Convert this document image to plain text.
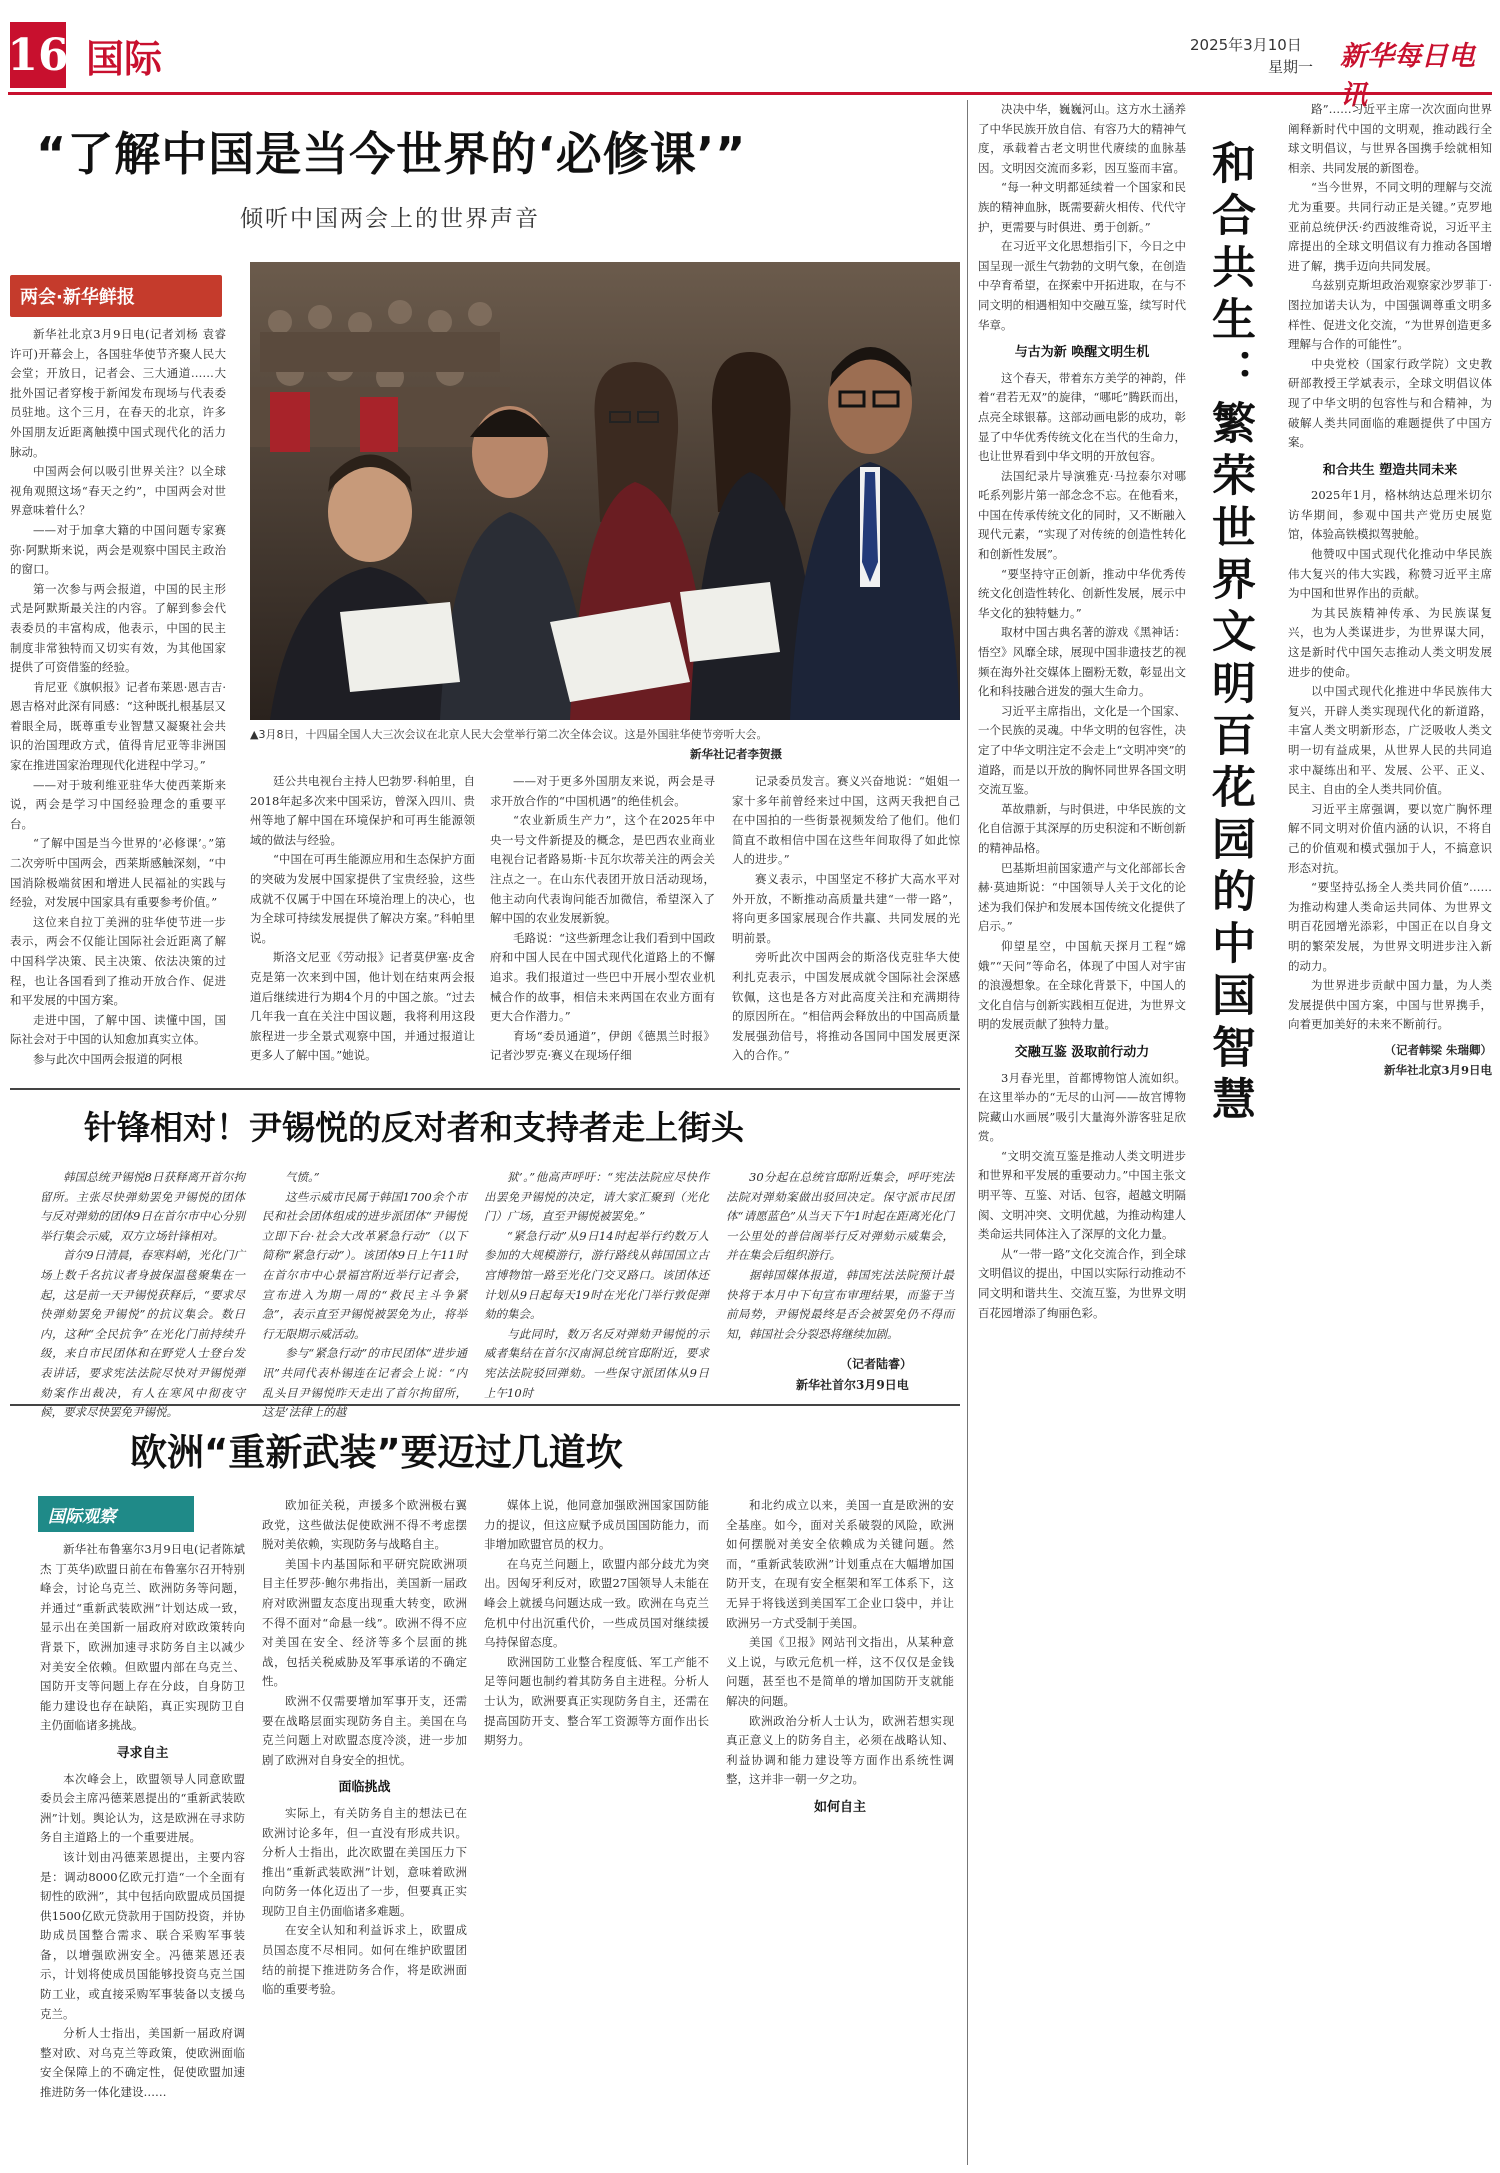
16 国际	2025年3月10日
星期一 新华每日电讯
“了解中国是当今世界的‘必修课’”
倾听中国两会上的世界声音
两会·新华鲜报

新华社北京3月9日电(记者刘杨 袁睿 许可)开幕会上，各国驻华使节齐聚人民大会堂；开放日，记者会、三大通道……大批外国记者穿梭于新闻发布现场与代表委员驻地。这个三月，在春天的北京，许多外国朋友近距离触摸中国式现代化的活力脉动。

中国两会何以吸引世界关注？以全球视角观照这场“春天之约”，中国两会对世界意味着什么？

——对于加拿大籍的中国问题专家赛弥·阿默斯来说，两会是观察中国民主政治的窗口。

第一次参与两会报道，中国的民主形式是阿默斯最关注的内容。了解到参会代表委员的丰富构成，他表示，中国的民主制度非常独特而又切实有效，为其他国家提供了可资借鉴的经验。

肯尼亚《旗帜报》记者布莱恩·恩吉吉·恩吉格对此深有同感：“这种既扎根基层又着眼全局，既尊重专业智慧又凝聚社会共识的治国理政方式，值得肯尼亚等非洲国家在推进国家治理现代化进程中学习。”

——对于玻利维亚驻华大使西莱斯来说，两会是学习中国经验理念的重要平台。

“了解中国是当今世界的‘必修课’。”第二次旁听中国两会，西莱斯感触深刻，“中国消除极端贫困和增进人民福祉的实践与经验，对发展中国家具有重要参考价值。”

这位来自拉丁美洲的驻华使节进一步表示，两会不仅能让国际社会近距离了解中国科学决策、民主决策、依法决策的过程，也让各国看到了推动开放合作、促进和平发展的中国方案。

走进中国，了解中国、读懂中国，国际社会对于中国的认知愈加真实立体。

参与此次中国两会报道的阿根

▲3月8日，十四届全国人大三次会议在北京人民大会堂举行第二次全体会议。这是外国驻华使节旁听大会。
新华社记者李贺摄

廷公共电视台主持人巴勃罗·科帕里，自2018年起多次来中国采访，曾深入四川、贵州等地了解中国在环境保护和可再生能源领域的做法与经验。

“中国在可再生能源应用和生态保护方面的突破为发展中国家提供了宝贵经验，这些成就不仅属于中国在环境治理上的决心，也为全球可持续发展提供了解决方案。”科帕里说。

斯洛文尼亚《劳动报》记者莫伊塞·皮舍克是第一次来到中国，他计划在结束两会报道后继续进行为期4个月的中国之旅。“过去几年我一直在关注中国议题，我将利用这段旅程进一步全景式观察中国，并通过报道让更多人了解中国。”她说。

——对于更多外国朋友来说，两会是寻求开放合作的“中国机遇”的绝佳机会。

“农业新质生产力”，这个在2025年中央一号文件新提及的概念，是巴西农业商业电视台记者路易斯·卡瓦尔坎蒂关注的两会关注点之一。在山东代表团开放日活动现场，他主动向代表询问能否加微信，希望深入了解中国的农业发展新貌。

毛路说：“这些新理念让我们看到中国政府和中国人民在中国式现代化道路上的不懈追求。我们报道过一些巴中开展小型农业机械合作的故事，相信未来两国在农业方面有更大合作潜力。”

育场“委员通道”，伊朗《德黑兰时报》记者沙罗克·赛义在现场仔细

记录委员发言。赛义兴奋地说：“姐姐一家十多年前曾经来过中国，这两天我把自己在中国拍的一些街景视频发给了他们。他们简直不敢相信中国在这些年间取得了如此惊人的进步。”

赛义表示，中国坚定不移扩大高水平对外开放，不断推动高质量共建“一带一路”，将向更多国家展现合作共赢、共同发展的光明前景。

旁听此次中国两会的斯洛伐克驻华大使利扎克表示，中国发展成就令国际社会深感钦佩，这也是各方对此高度关注和充满期待的原因所在。“相信两会释放出的中国高质量发展强劲信号，将推动各国同中国发展更深入的合作。”

针锋相对！尹锡悦的反对者和支持者走上街头

韩国总统尹锡悦8日获释离开首尔拘留所。主张尽快弹劾罢免尹锡悦的团体与反对弹劾的团体9日在首尔市中心分别举行集会示威，双方立场针锋相对。

首尔9日清晨，春寒料峭，光化门广场上数千名抗议者身披保温毯聚集在一起，这是前一天尹锡悦获释后，“要求尽快弹劾罢免尹锡悦”的抗议集会。数日内，这种“全民抗争”在光化门前持续升级，来自市民团体和在野党人士登台发表讲话，要求宪法法院尽快对尹锡悦弹劾案作出裁决，有人在寒风中彻夜守候，要求尽快罢免尹锡悦。

气愤。”

这些示威市民属于韩国1700余个市民和社会团体组成的进步派团体“尹锡悦立即下台·社会大改革紧急行动”（以下简称“紧急行动”）。该团体9日上午11时在首尔市中心景福宫附近举行记者会，宣布进入为期一周的“救民主斗争紧急”，表示直至尹锡悦被罢免为止，将举行无限期示威活动。

参与“紧急行动”的市民团体“进步通讯”共同代表朴锡连在记者会上说：“内乱头目尹锡悦昨天走出了首尔拘留所，这是‘法律上的越

狱’。”他高声呼吁：“宪法法院应尽快作出罢免尹锡悦的决定，请大家汇聚到（光化门）广场，直至尹锡悦被罢免。”

“紧急行动”从9日14时起举行约数万人参加的大规模游行，游行路线从韩国国立古宫博物馆一路至光化门交叉路口。该团体还计划从9日起每天19时在光化门举行敦促弹劾的集会。

与此同时，数万名反对弹劾尹锡悦的示威者集结在首尔汉南洞总统官邸附近，要求宪法法院驳回弹劾。一些保守派团体从9日上午10时

30分起在总统官邸附近集会，呼吁宪法法院对弹劾案做出驳回决定。保守派市民团体“请愿蓝色”从当天下午1时起在距离光化门一公里处的普信阁举行反对弹劾示威集会，并在集会后组织游行。

据韩国媒体报道，韩国宪法法院预计最快将于本月中下旬宣布审理结果，而鉴于当前局势，尹锡悦最终是否会被罢免仍不得而知，韩国社会分裂恐将继续加剧。

（记者陆睿）
新华社首尔3月9日电
欧洲“重新武装”要迈过几道坎
国际观察

新华社布鲁塞尔3月9日电(记者陈斌杰 丁英华)欧盟日前在布鲁塞尔召开特别峰会，讨论乌克兰、欧洲防务等问题，并通过“重新武装欧洲”计划达成一致，显示出在美国新一届政府对欧政策转向背景下，欧洲加速寻求防务自主以减少对美安全依赖。但欧盟内部在乌克兰、国防开支等问题上存在分歧，自身防卫能力建设也存在缺陷，真正实现防卫自主仍面临诸多挑战。

寻求自主

本次峰会上，欧盟领导人同意欧盟委员会主席冯德莱恩提出的“重新武装欧洲”计划。舆论认为，这是欧洲在寻求防务自主道路上的一个重要进展。

该计划由冯德莱恩提出，主要内容是：调动8000亿欧元打造“一个全面有韧性的欧洲”，其中包括向欧盟成员国提供1500亿欧元贷款用于国防投资，并协助成员国整合需求、联合采购军事装备，以增强欧洲安全。冯德莱恩还表示，计划将使成员国能够投资乌克兰国防工业，或直接采购军事装备以支援乌克兰。

分析人士指出，美国新一届政府调整对欧、对乌克兰等政策，使欧洲面临安全保障上的不确定性，促使欧盟加速推进防务一体化建设……

欧加征关税，声援多个欧洲极右翼政党，这些做法促使欧洲不得不考虑摆脱对美依赖，实现防务与战略自主。

美国卡内基国际和平研究院欧洲项目主任罗莎·鲍尔弗指出，美国新一届政府对欧洲盟友态度出现重大转变，欧洲不得不面对“命悬一线”。欧洲不得不应对美国在安全、经济等多个层面的挑战，包括关税威胁及军事承诺的不确定性。

欧洲不仅需要增加军事开支，还需要在战略层面实现防务自主。美国在乌克兰问题上对欧盟态度冷淡，进一步加剧了欧洲对自身安全的担忧。

面临挑战

实际上，有关防务自主的想法已在欧洲讨论多年，但一直没有形成共识。分析人士指出，此次欧盟在美国压力下推出“重新武装欧洲”计划，意味着欧洲向防务一体化迈出了一步，但要真正实现防卫自主仍面临诸多难题。

在安全认知和利益诉求上，欧盟成员国态度不尽相同。如何在维护欧盟团结的前提下推进防务合作，将是欧洲面临的重要考验。

媒体上说，他同意加强欧洲国家国防能力的提议，但这应赋予成员国国防能力，而非增加欧盟官员的权力。

在乌克兰问题上，欧盟内部分歧尤为突出。因匈牙利反对，欧盟27国领导人未能在峰会上就援乌问题达成一致。欧洲在乌克兰危机中付出沉重代价，一些成员国对继续援乌持保留态度。

欧洲国防工业整合程度低、军工产能不足等问题也制约着其防务自主进程。分析人士认为，欧洲要真正实现防务自主，还需在提高国防开支、整合军工资源等方面作出长期努力。

和北约成立以来，美国一直是欧洲的安全基座。如今，面对关系破裂的风险，欧洲如何摆脱对美安全依赖成为关键问题。然而，“重新武装欧洲”计划重点在大幅增加国防开支，在现有安全框架和军工体系下，这无异于将钱送到美国军工企业口袋中，并让欧洲另一方式受制于美国。

美国《卫报》网站刊文指出，从某种意义上说，与欧元危机一样，这不仅仅是金钱问题，甚至也不是简单的增加国防开支就能解决的问题。

欧洲政治分析人士认为，欧洲若想实现真正意义上的防务自主，必须在战略认知、利益协调和能力建设等方面作出系统性调整，这并非一朝一夕之功。

如何自主
和合共生：繁荣世界文明百花园的中国智慧

决决中华，巍巍河山。这方水土涵养了中华民族开放自信、有容乃大的精神气度，承载着古老文明世代赓续的血脉基因。文明因交流而多彩，因互鉴而丰富。

“每一种文明都延续着一个国家和民族的精神血脉，既需要薪火相传、代代守护，更需要与时俱进、勇于创新。”

在习近平文化思想指引下，今日之中国呈现一派生气勃勃的文明气象，在创造中孕育希望，在探索中开拓进取，在与不同文明的相遇相知中交融互鉴，续写时代华章。

与古为新 唤醒文明生机

这个春天，带着东方美学的神韵，伴着“君若无双”的旋律，“哪吒”腾跃而出，点亮全球银幕。这部动画电影的成功，彰显了中华优秀传统文化在当代的生命力，也让世界看到中华文明的开放包容。

法国纪录片导演雅克·马拉泰尔对哪吒系列影片第一部念念不忘。在他看来，中国在传承传统文化的同时，又不断融入现代元素，“实现了对传统的创造性转化和创新性发展”。

“要坚持守正创新，推动中华优秀传统文化创造性转化、创新性发展，展示中华文化的独特魅力。”

取材中国古典名著的游戏《黑神话：悟空》风靡全球，展现中国非遗技艺的视频在海外社交媒体上圈粉无数，彰显出文化和科技融合迸发的强大生命力。

习近平主席指出，文化是一个国家、一个民族的灵魂。中华文明的包容性，决定了中华文明注定不会走上“文明冲突”的道路，而是以开放的胸怀同世界各国文明交流互鉴。

革故鼎新，与时俱进，中华民族的文化自信源于其深厚的历史积淀和不断创新的精神品格。

巴基斯坦前国家遗产与文化部部长舍赫·莫迪斯说：“中国领导人关于文化的论述为我们保护和发展本国传统文化提供了启示。”

仰望星空，中国航天探月工程“嫦娥”“天问”等命名，体现了中国人对宇宙的浪漫想象。在全球化背景下，中国人的文化自信与创新实践相互促进，为世界文明的发展贡献了独特力量。

交融互鉴 汲取前行动力

3月春光里，首都博物馆人流如织。在这里举办的“无尽的山河——故宫博物院藏山水画展”吸引大量海外游客驻足欣赏。

“文明交流互鉴是推动人类文明进步和世界和平发展的重要动力。”中国主张文明平等、互鉴、对话、包容，超越文明隔阂、文明冲突、文明优越，为推动构建人类命运共同体注入了深厚的文化力量。

从“一带一路”文化交流合作，到全球文明倡议的提出，中国以实际行动推动不同文明和谐共生、交流互鉴，为世界文明百花园增添了绚丽色彩。

路”……习近平主席一次次面向世界阐释新时代中国的文明观，推动践行全球文明倡议，与世界各国携手绘就相知相亲、共同发展的新图卷。

“当今世界，不同文明的理解与交流尤为重要。共同行动正是关键。”克罗地亚前总统伊沃·约西波维奇说，习近平主席提出的全球文明倡议有力推动各国增进了解，携手迈向共同发展。

乌兹别克斯坦政治观察家沙罗菲丁·图拉加诺夫认为，中国强调尊重文明多样性、促进文化交流，“为世界创造更多理解与合作的可能性”。

中央党校（国家行政学院）文史教研部教授王学斌表示，全球文明倡议体现了中华文明的包容性与和合精神，为破解人类共同面临的难题提供了中国方案。

和合共生 塑造共同未来

2025年1月，格林纳达总理米切尔访华期间，参观中国共产党历史展览馆，体验高铁模拟驾驶舱。

他赞叹中国式现代化推动中华民族伟大复兴的伟大实践，称赞习近平主席为中国和世界作出的贡献。

为其民族精神传承、为民族谋复兴，也为人类谋进步，为世界谋大同，这是新时代中国矢志推动人类文明发展进步的使命。

以中国式现代化推进中华民族伟大复兴，开辟人类实现现代化的新道路，丰富人类文明新形态，广泛吸收人类文明一切有益成果，从世界人民的共同追求中凝练出和平、发展、公平、正义、民主、自由的全人类共同价值。

习近平主席强调，要以宽广胸怀理解不同文明对价值内涵的认识，不将自己的价值观和模式强加于人，不搞意识形态对抗。

“要坚持弘扬全人类共同价值”……为推动构建人类命运共同体、为世界文明百花园增光添彩，中国正在以自身文明的繁荣发展，为世界文明进步注入新的动力。

为世界进步贡献中国力量，为人类发展提供中国方案，中国与世界携手，向着更加美好的未来不断前行。

（记者韩梁 朱瑞卿）
新华社北京3月9日电
